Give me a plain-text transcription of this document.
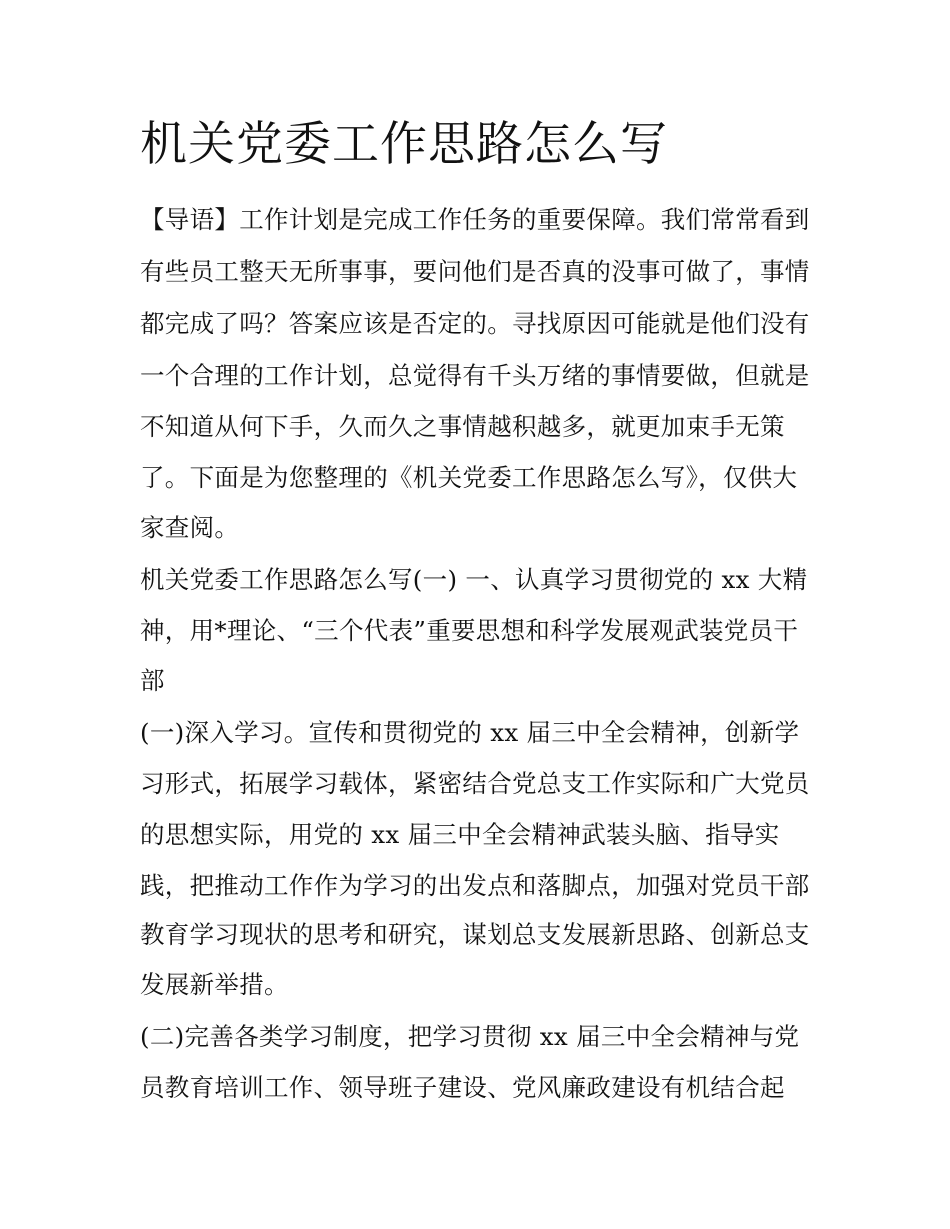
机关党委工作思路怎么写

【导语】工作计划是完成工作任务的重要保障。我们常常看到

有些员工整天无所事事，要问他们是否真的没事可做了，事情

都完成了吗？答案应该是否定的。寻找原因可能就是他们没有

一个合理的工作计划，总觉得有千头万绪的事情要做，但就是

不知道从何下手，久而久之事情越积越多，就更加束手无策

了。下面是为您整理的《机关党委工作思路怎么写》，仅供大

家查阅。

机关党委工作思路怎么写(一) 一、认真学习贯彻党的 xx 大精

神，用*理论、“三个代表”重要思想和科学发展观武装党员干

部

(一)深入学习。宣传和贯彻党的 xx 届三中全会精神，创新学

习形式，拓展学习载体，紧密结合党总支工作实际和广大党员

的思想实际，用党的 xx 届三中全会精神武装头脑、指导实

践，把推动工作作为学习的出发点和落脚点，加强对党员干部

教育学习现状的思考和研究，谋划总支发展新思路、创新总支

发展新举措。

(二)完善各类学习制度，把学习贯彻 xx 届三中全会精神与党

员教育培训工作、领导班子建设、党风廉政建设有机结合起
